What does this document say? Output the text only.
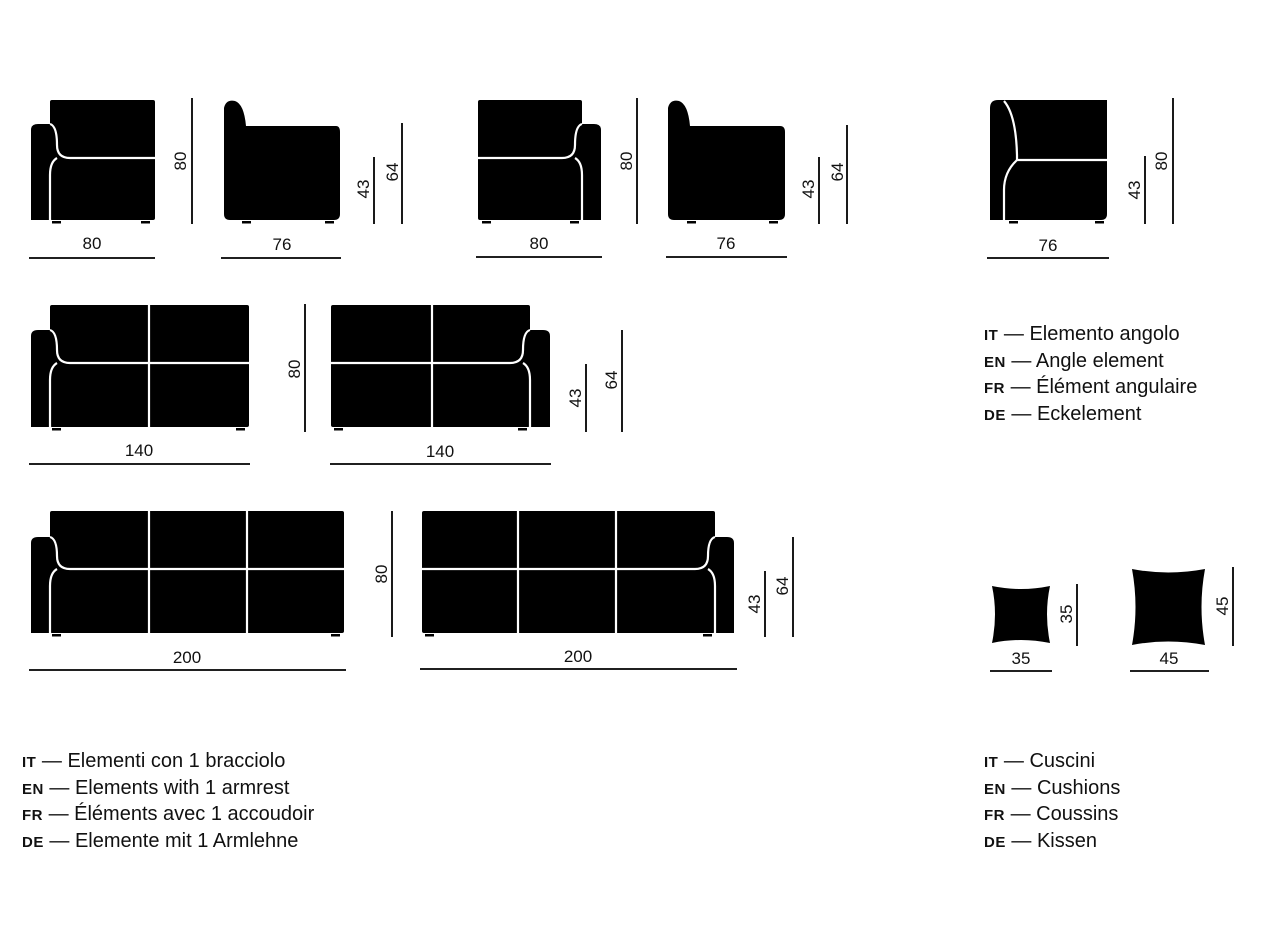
80
80
43
64
76
80
80
43
64
76
43
80
76
80
140
43
64
140
80
200
43
64
200
35
35
45
45
IT — Elemento angolo
EN — Angle element
FR — Élément angulaire
DE — Eckelement
IT — Elementi con 1 bracciolo
EN — Elements with 1 armrest
FR — Éléments avec 1 accoudoir
DE — Elemente mit 1 Armlehne
IT — Cuscini
EN — Cushions
FR — Coussins
DE — Kissen
